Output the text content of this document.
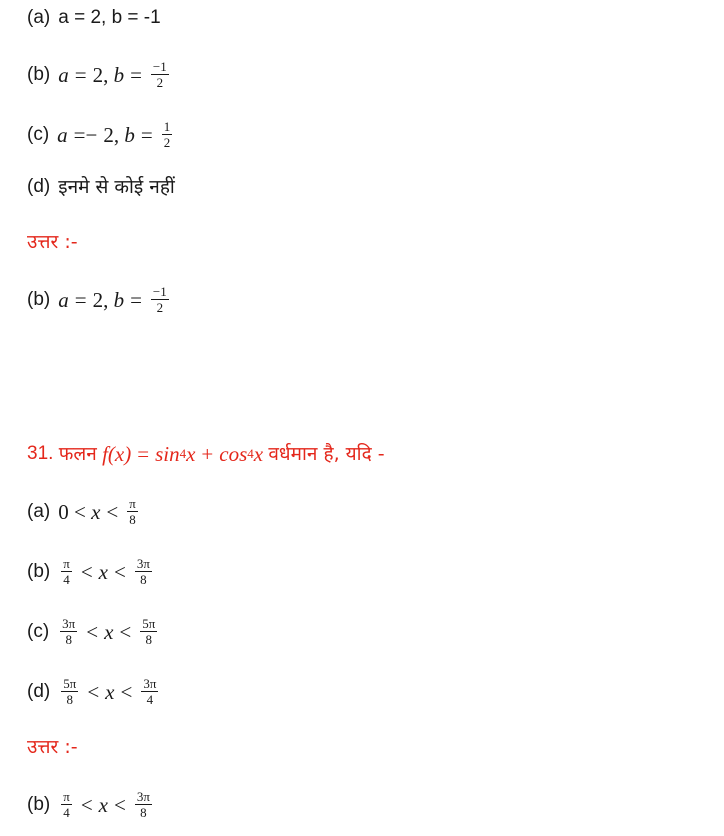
(a) a = 2, b = -1
(b) a = 2,
$b = \frac{-1}{2}$
(c) a =− 2,
$b = \frac{1}{2}$
(d) इनमे से कोई नहीं
उत्तर :-
(b) a = 2,
$b = \frac{-1}{2}$
31.
फलन
f(x) = sin 4 x + cos 4 x
वर्धमान है, यदि -
(a) 0 <
$x < \frac{\pi}{8}$
$(b) \frac{\pi}{4} < x < \frac{3\pi}{8}$
$(c) \frac{3\pi}{8} < x < \frac{5\pi}{8}$
$(d) \frac{5\pi}{8} < x < \frac{3\pi}{4}$
उत्तर :-
$(b) \frac{\pi}{4} < x < \frac{3\pi}{8}$
